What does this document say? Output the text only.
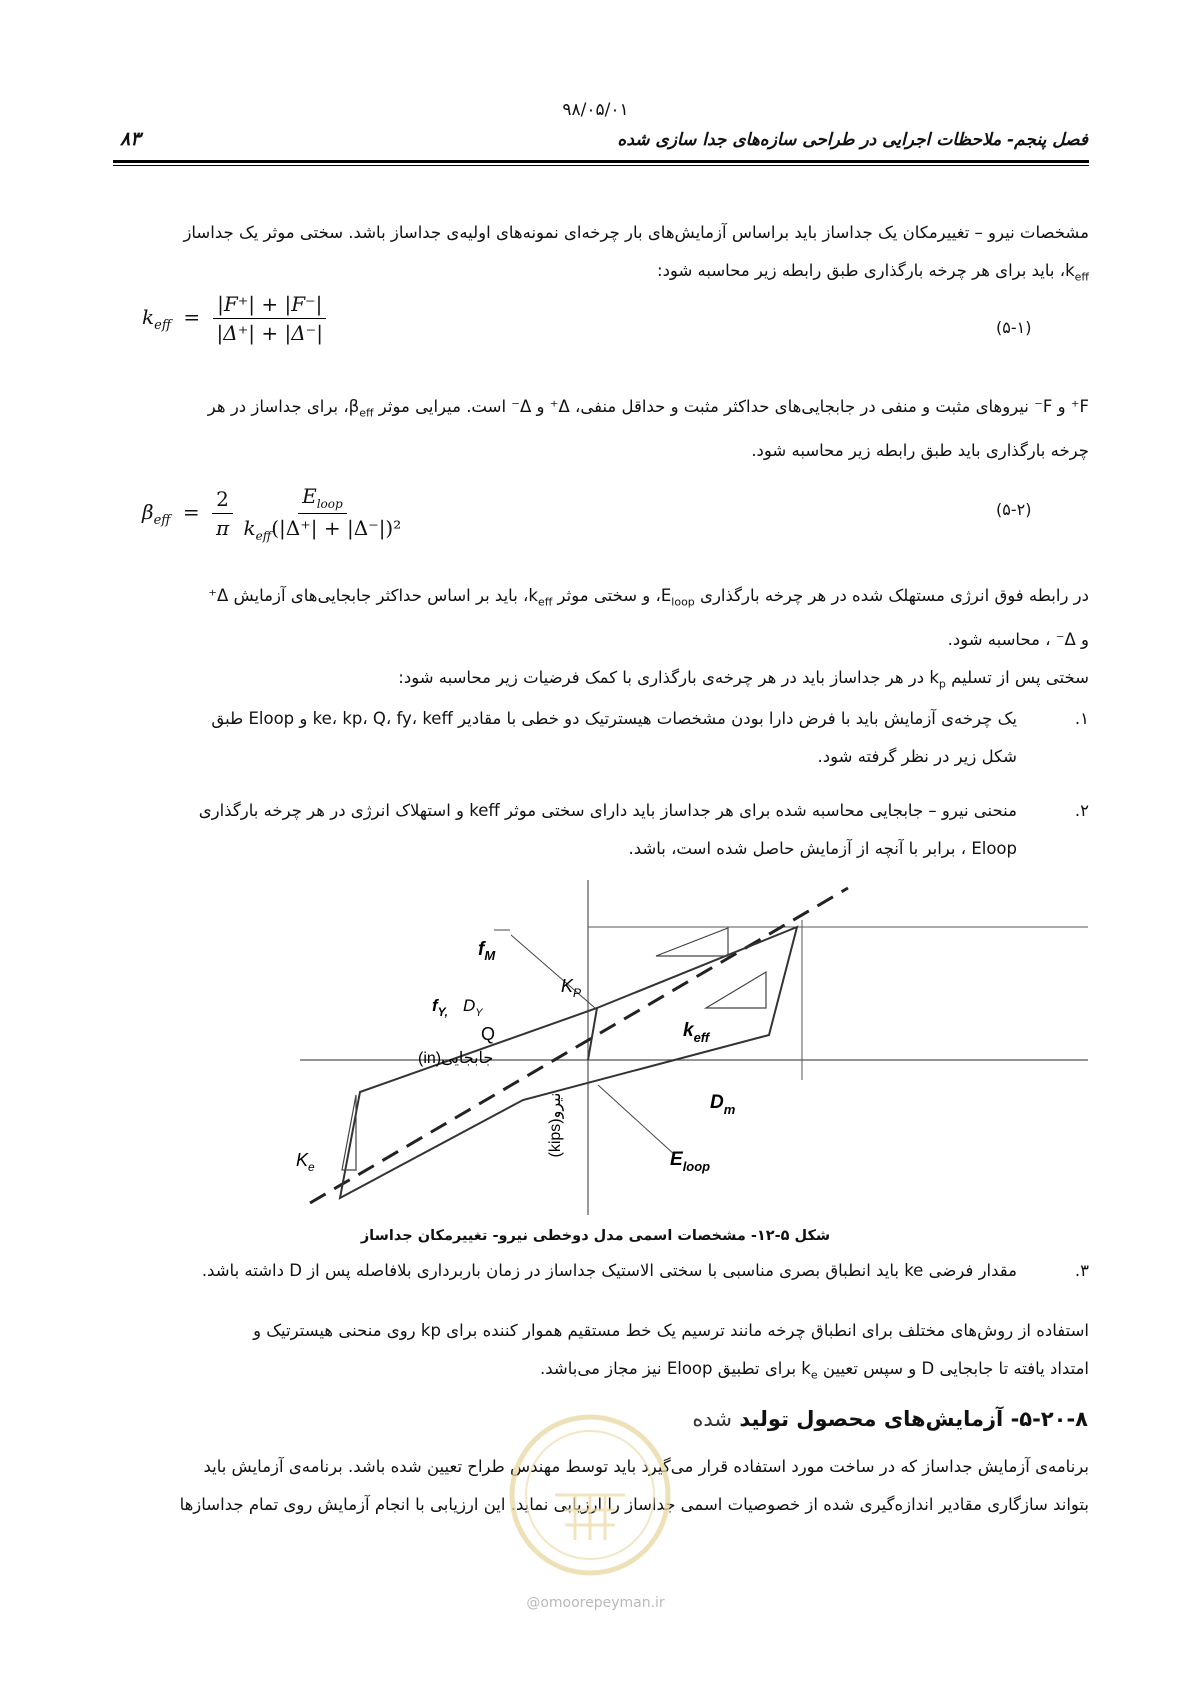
۹۸/۰۵/۰۱
۸۳	فصل پنجم- ملاحظات اجرایی در طراحی سازه‌های جدا سازی شده
مشخصات نیرو – تغییرمکان یک جداساز باید براساس آزمایش‌های بار چرخه‌ای نمونه‌های اولیه‌ی جداساز باشد. سختی موثر یک جداساز
$k_{eff}،$ باید برای هر چرخه بارگذاری طبق رابطه زیر محاسبه شود:
$k_{eff} = \frac{|F^+| + |F^-|}{|\Delta^+| + |\Delta^-|}$	(۵-۱)
F⁺ و F⁻ نیروهای مثبت و منفی در جابجایی‌های حداکثر مثبت و حداقل منفی، Δ⁺ و Δ⁻ است. میرایی موثر $\beta_{eff}،$ برای جداساز در هر
چرخه بارگذاری باید طبق رابطه زیر محاسبه شود.
$\beta_{eff} = \frac{2}{\pi}$
$\frac{E_{loop}}{k_{eff}(|\Delta^+| + |\Delta^-|)^2}$	(۵-۲)
در رابطه فوق انرژی مستهلک شده در هر چرخه بارگذاری $E_{loop}،$ و سختی موثر $k_{eff}،$ باید بر اساس حداکثر جابجایی‌های آزمایش Δ⁺
و Δ⁻ ، محاسبه شود.
سختی پس از تسلیم $k_p$ در هر جداساز باید در هر چرخه‌ی بارگذاری با کمک فرضیات زیر محاسبه شود:
۱.
یک چرخه‌ی آزمایش باید با فرض دارا بودن مشخصات هیسترتیک دو خطی با مقادیر ke، kp، Q، fy، keff و Eloop طبق
شکل زیر در نظر گرفته شود.
۲.
منحنی نیرو – جابجایی محاسبه شده برای هر جداساز باید دارای سختی موثر keff و استهلاک انرژی در هر چرخه بارگذاری
Eloop ، برابر با آنچه از آزمایش حاصل شده است، باشد.
$f_M$
$f_{Y,}$ $D_Y$
Q
$K_P$
$k_{eff}$
$D_m$
$K_e$	$E_{loop}$
جابجایی(in)
نیرو(kips)
شکل ۵-۱۲- مشخصات اسمی مدل دوخطی نیرو- تغییرمکان جداساز
۳.
مقدار فرضی ke باید انطباق بصری مناسبی با سختی الاستیک جداساز در زمان باربرداری بلافاصله پس از D داشته باشد.
استفاده از روش‌های مختلف برای انطباق چرخه مانند ترسیم یک خط مستقیم هموار کننده برای kp روی منحنی هیسترتیک و
امتداد یافته تا جابجایی D و سپس تعیین $k_e$ برای تطبیق Eloop نیز مجاز می‌باشد.
۵-۲۰-۸- آزمایش‌های محصول تولید شده
برنامه‌ی آزمایش جداساز که در ساخت مورد استفاده قرار می‌گیرد باید توسط مهندس طراح تعیین شده باشد. برنامه‌ی آزمایش باید
بتواند سازگاری مقادیر اندازه‌گیری شده از خصوصیات اسمی جداساز را ارزیابی نماید. این ارزیابی با انجام آزمایش روی تمام جداسازها
@omoorepeyman.ir
